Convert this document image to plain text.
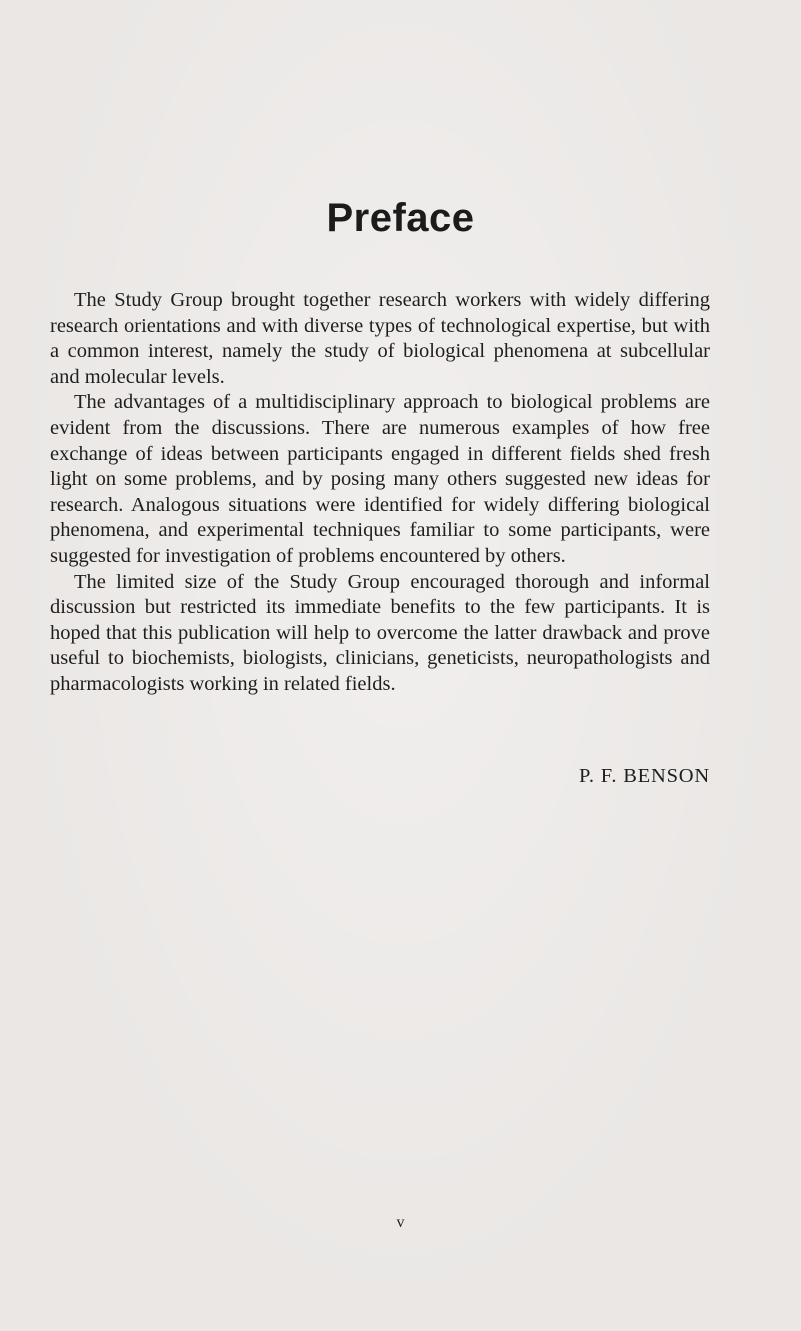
Preface

The Study Group brought together research workers with widely differing research orientations and with diverse types of technological expertise, but with a common interest, namely the study of biological phenomena at subcellular and molecular levels.

The advantages of a multidisciplinary approach to biological problems are evident from the discussions. There are numerous examples of how free exchange of ideas between participants engaged in different fields shed fresh light on some problems, and by posing many others suggested new ideas for research. Analogous situations were identified for widely differing biological phenomena, and experimental techniques familiar to some participants, were suggested for investigation of problems encountered by others.

The limited size of the Study Group encouraged thorough and informal discussion but restricted its immediate benefits to the few participants. It is hoped that this publication will help to overcome the latter drawback and prove useful to biochemists, biologists, clinicians, geneticists, neuropathologists and pharmacologists working in related fields.

P. F. BENSON

v
